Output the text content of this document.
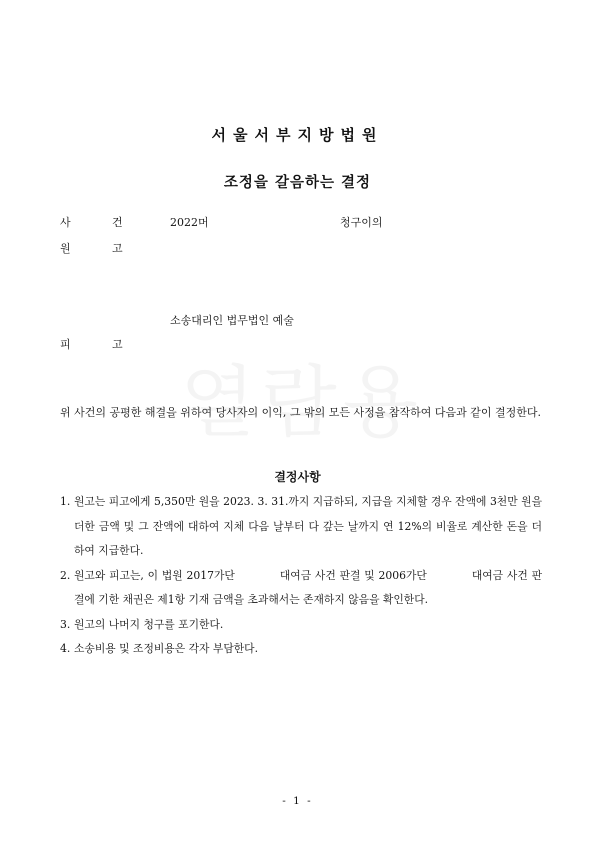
서울서부지방법원
조정을 갈음하는 결정
사	건	2022머	청구이의
원	고
소송대리인 법무법인 예술
피	고
위 사건의 공평한 해결을 위하여 당사자의 이익, 그 밖의 모든 사정을 참작하여 다음과 같이 결정한다.
결정사항
1. 원고는 피고에게 5,350만 원을 2023. 3. 31.까지 지급하되, 지급을 지체할 경우 잔액에 3천만 원을 더한 금액 및 그 잔액에 대하여 지체 다음 날부터 다 갚는 날까지 연 12%의 비율로 계산한 돈을 더하여 지급한다.
2. 원고와 피고는, 이 법원 2017가단　　　　대여금 사건 판결 및 2006가단　　　　대여금 사건 판결에 기한 채권은 제1항 기재 금액을 초과해서는 존재하지 않음을 확인한다.
3. 원고의 나머지 청구를 포기한다.
4. 소송비용 및 조정비용은 각자 부담한다.
- 1 -
